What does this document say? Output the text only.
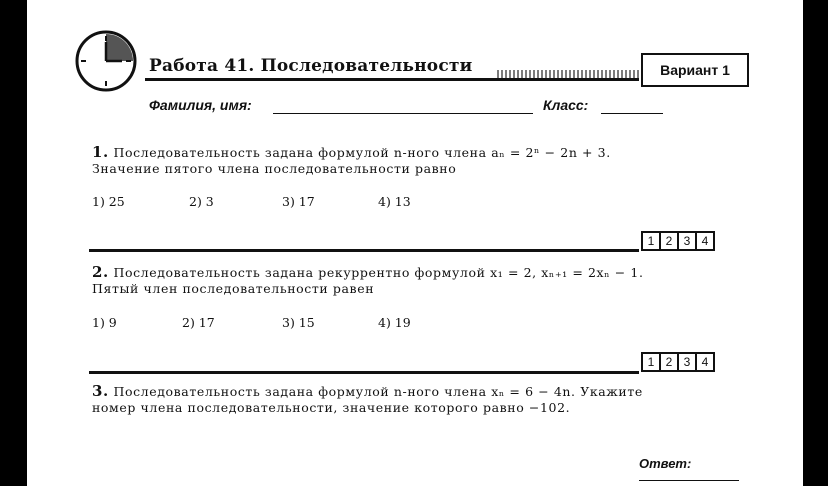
Работа 41. Последовательности	Вариант 1
Фамилия, имя:	Класс:
1. Последовательность задана формулой n-ного члена aₙ = 2ⁿ − 2n + 3.
Значение пятого члена последовательности равно
1) 25	2) 3	3) 17	4) 13
1 2 3 4
2. Последовательность задана рекуррентно формулой x₁ = 2, xₙ₊₁ = 2xₙ − 1.
Пятый член последовательности равен
1) 9	2) 17	3) 15	4) 19
1 2 3 4
3. Последовательность задана формулой n-ного члена xₙ = 6 − 4n. Укажите
номер члена последовательности, значение которого равно −102.
Ответ:
